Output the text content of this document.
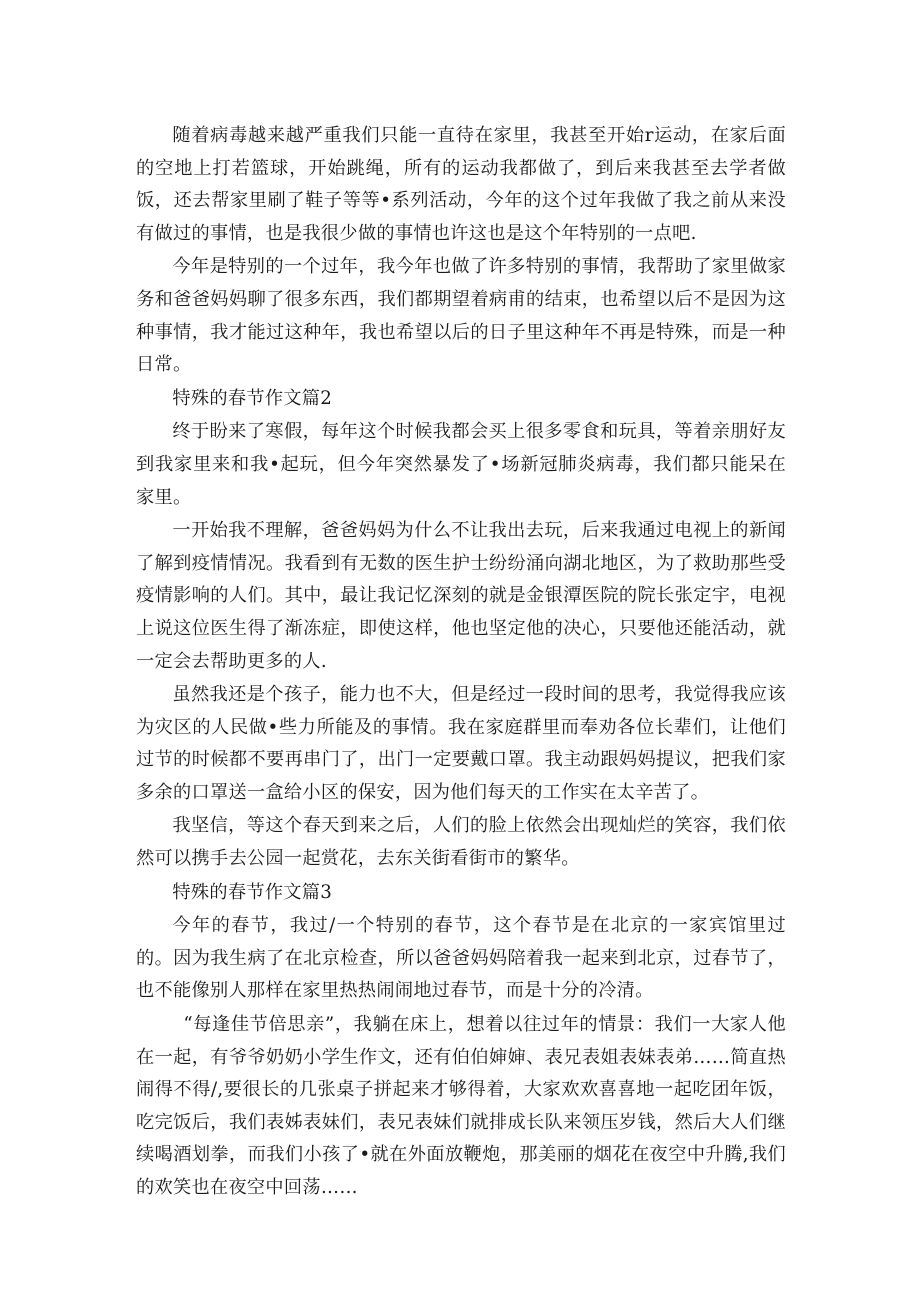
随着病毒越来越严重我们只能一直待在家里，我甚至开始r运动，在家后面的空地上打若篮球，开始跳绳，所有的运动我都做了，到后来我甚至去学者做饭，还去帮家里刷了鞋子等等•系列活动，今年的这个过年我做了我之前从来没有做过的事情，也是我很少做的事情也许这也是这个年特别的一点吧.

今年是特别的一个过年，我今年也做了许多特别的事情，我帮助了家里做家务和爸爸妈妈聊了很多东西，我们都期望着病甫的结束，也希望以后不是因为这种事情，我才能过这种年，我也希望以后的日子里这种年不再是特殊，而是一种日常。

特殊的春节作文篇2

终于盼来了寒假，每年这个时候我都会买上很多零食和玩具，等着亲朋好友到我家里来和我•起玩，但今年突然暴发了•场新冠肺炎病毒，我们都只能呆在家里。

一开始我不理解，爸爸妈妈为什么不让我出去玩，后来我通过电视上的新闻了解到疫情情况。我看到有无数的医生护士纷纷涌向湖北地区，为了救助那些受疫情影响的人们。其中，最让我记忆深刻的就是金银潭医院的院长张定宇，电视上说这位医生得了渐冻症，即使这样，他也坚定他的决心，只要他还能活动，就一定会去帮助更多的人.

虽然我还是个孩子，能力也不大，但是经过一段时间的思考，我觉得我应该为灾区的人民做•些力所能及的事情。我在家庭群里而奉劝各位长辈们，让他们过节的时候都不要再串门了，出门一定要戴口罩。我主动跟妈妈提议，把我们家多余的口罩送一盒给小区的保安，因为他们每天的工作实在太辛苦了。

我坚信，等这个春天到来之后，人们的脸上依然会出现灿烂的笑容，我们依然可以携手去公园一起赏花，去东关街看街市的繁华。

特殊的春节作文篇3

今年的春节，我过/一个特别的春节，这个春节是在北京的一家宾馆里过的。因为我生病了在北京检查，所以爸爸妈妈陪着我一起来到北京，过春节了，也不能像别人那样在家里热热闹闹地过春节，而是十分的冷清。

“每逢佳节倍思亲”，我躺在床上，想着以往过年的情景：我们一大家人他在一起，有爷爷奶奶小学生作文，还有伯伯婶婶、表兄表姐表妹表弟……简直热闹得不得/,要很长的几张桌子拼起来才够得着，大家欢欢喜喜地一起吃团年饭，吃完饭后，我们表姊表妹们，表兄表妹们就排成长队来领压岁钱，然后大人们继续喝酒划拳，而我们小孩了•就在外面放鞭炮，那美丽的烟花在夜空中升腾,我们的欢笑也在夜空中回荡……
